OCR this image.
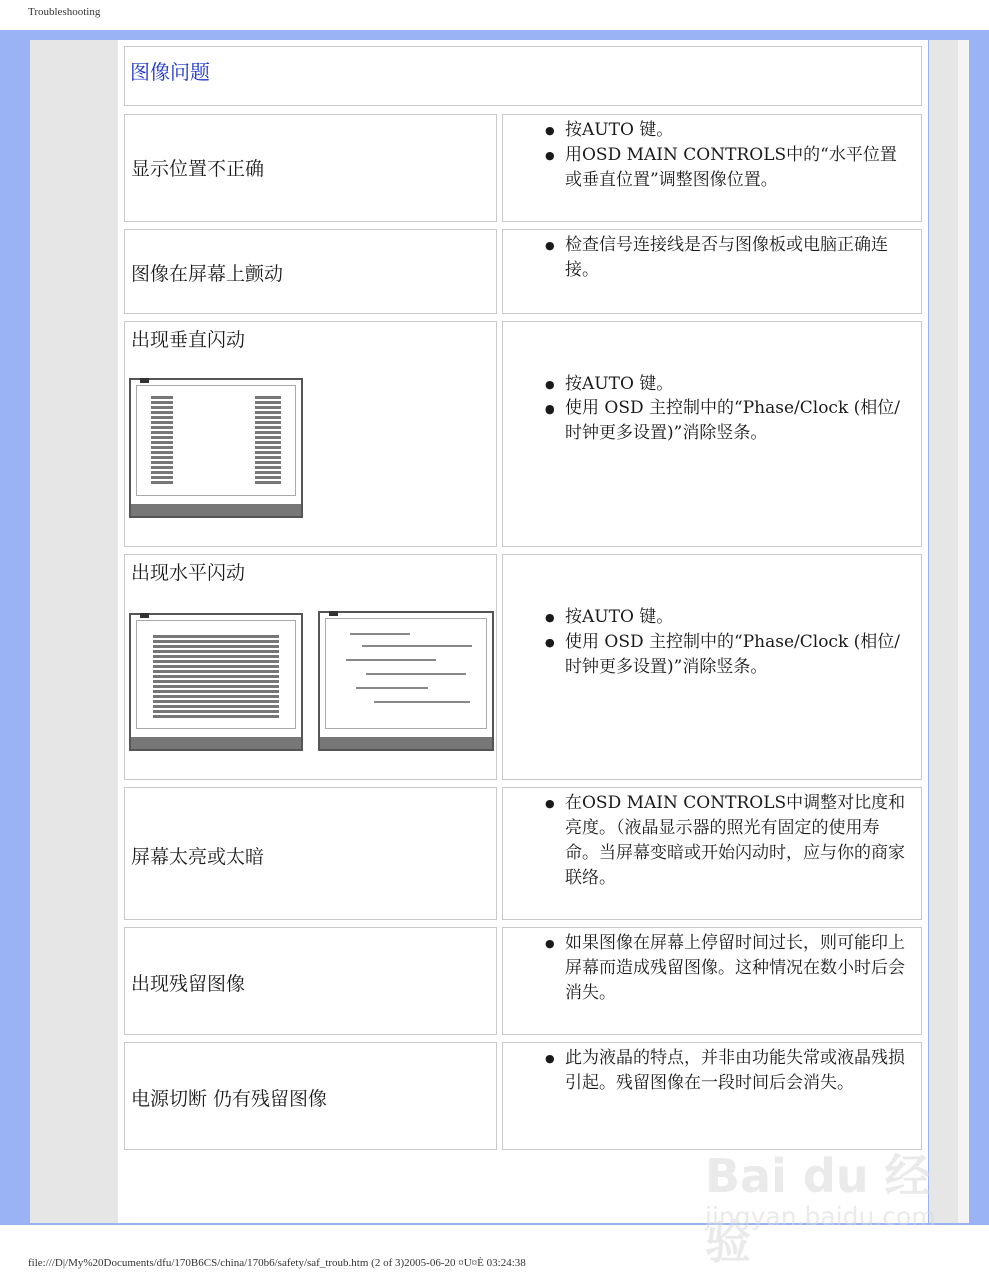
Troubleshooting
图像问题
显示位置不正确
● 按AUTO 键。
● 用OSD MAIN CONTROLS中的“水平位置或垂直位置”调整图像位置。
图像在屏幕上颤动
● 检查信号连接线是否与图像板或电脑正确连接。
出现垂直闪动
● 按AUTO 键。
● 使用 OSD 主控制中的“Phase/Clock (相位/时钟更多设置)”消除竖条。
出现水平闪动
● 按AUTO 键。
● 使用 OSD 主控制中的“Phase/Clock (相位/时钟更多设置)”消除竖条。
屏幕太亮或太暗
● 在OSD MAIN CONTROLS中调整对比度和亮度。（液晶显示器的照光有固定的使用寿命。当屏幕变暗或开始闪动时，应与你的商家联络。
出现残留图像
● 如果图像在屏幕上停留时间过长，则可能印上屏幕而造成残留图像。这种情况在数小时后会消失。
电源切断 仍有残留图像
● 此为液晶的特点，并非由功能失常或液晶残损引起。残留图像在一段时间后会消失。
Bai du 经验
jingyan.baidu.com
file:///D|/My%20Documents/dfu/170B6CS/china/170b6/safety/saf_troub.htm (2 of 3)2005-06-20 ¤U¤È 03:24:38
